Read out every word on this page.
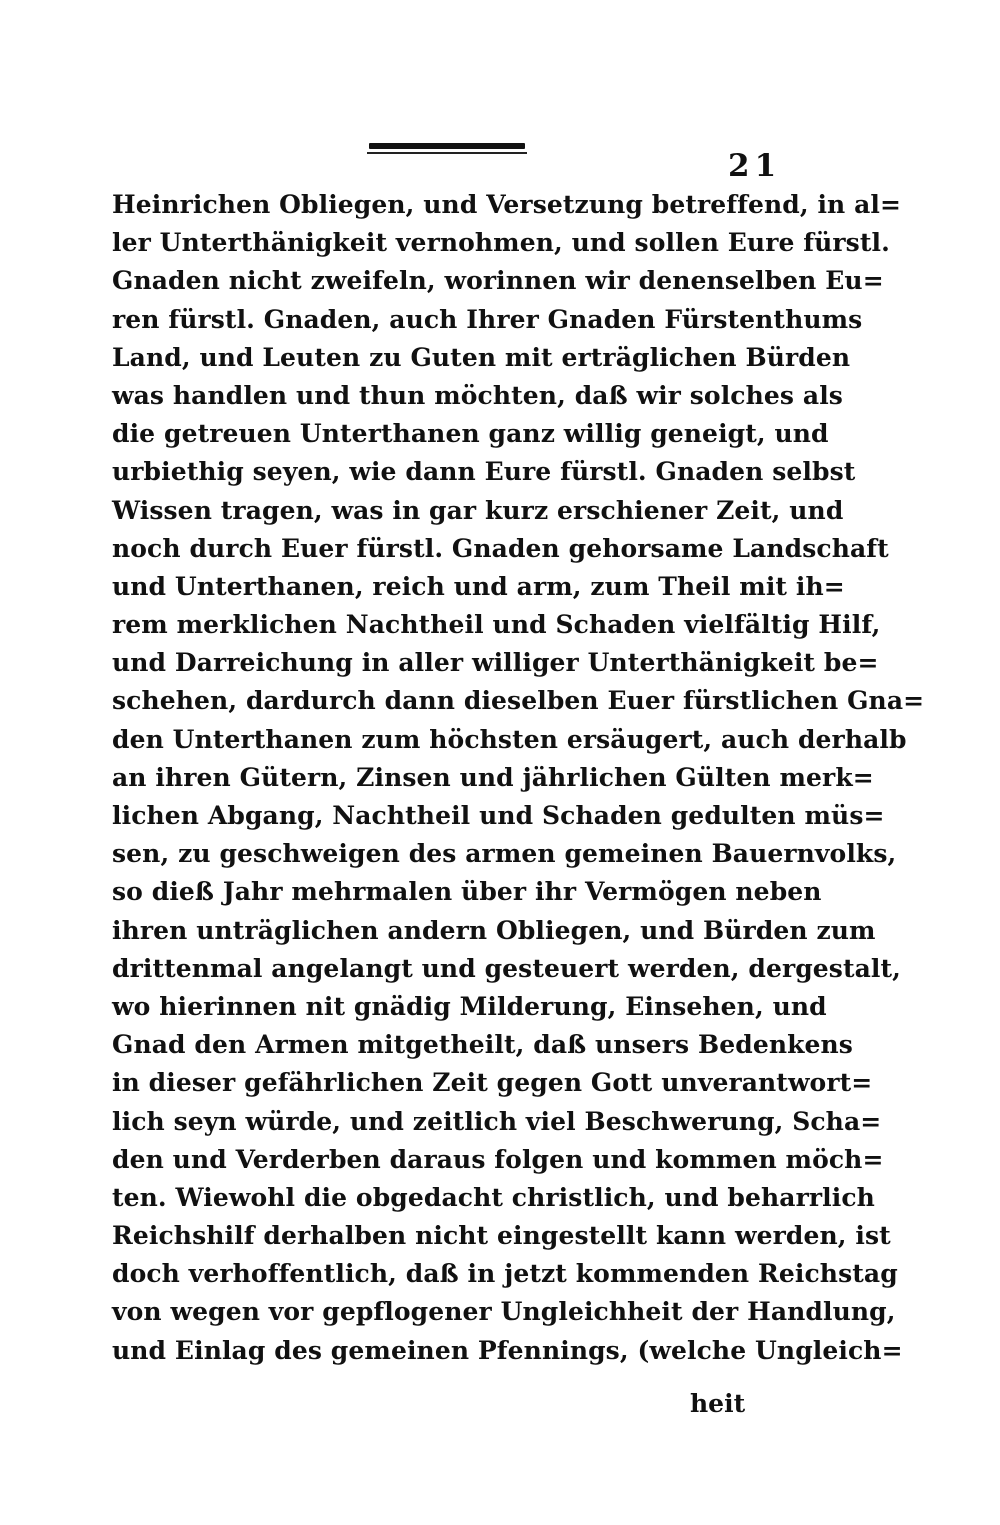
21
Heinrichen Obliegen, und Versetzung betreffend, in al=
ler Unterthänigkeit vernohmen, und sollen Eure fürstl.
Gnaden nicht zweifeln, worinnen wir denenselben Eu=
ren fürstl. Gnaden, auch Ihrer Gnaden Fürstenthums
Land, und Leuten zu Guten mit erträglichen Bürden
was handlen und thun möchten, daß wir solches als
die getreuen Unterthanen ganz willig geneigt, und
urbiethig seyen, wie dann Eure fürstl. Gnaden selbst
Wissen tragen, was in gar kurz erschiener Zeit, und
noch durch Euer fürstl. Gnaden gehorsame Landschaft
und Unterthanen, reich und arm, zum Theil mit ih=
rem merklichen Nachtheil und Schaden vielfältig Hilf,
und Darreichung in aller williger Unterthänigkeit be=
schehen, dardurch dann dieselben Euer fürstlichen Gna=
den Unterthanen zum höchsten ersäugert, auch derhalb
an ihren Gütern, Zinsen und jährlichen Gülten merk=
lichen Abgang, Nachtheil und Schaden gedulten müs=
sen, zu geschweigen des armen gemeinen Bauernvolks,
so dieß Jahr mehrmalen über ihr Vermögen neben
ihren unträglichen andern Obliegen, und Bürden zum
drittenmal angelangt und gesteuert werden, dergestalt,
wo hierinnen nit gnädig Milderung, Einsehen, und
Gnad den Armen mitgetheilt, daß unsers Bedenkens
in dieser gefährlichen Zeit gegen Gott unverantwort=
lich seyn würde, und zeitlich viel Beschwerung, Scha=
den und Verderben daraus folgen und kommen möch=
ten. Wiewohl die obgedacht christlich, und beharrlich
Reichshilf derhalben nicht eingestellt kann werden, ist
doch verhoffentlich, daß in jetzt kommenden Reichstag
von wegen vor gepflogener Ungleichheit der Handlung,
und Einlag des gemeinen Pfennings, (welche Ungleich=
heit
